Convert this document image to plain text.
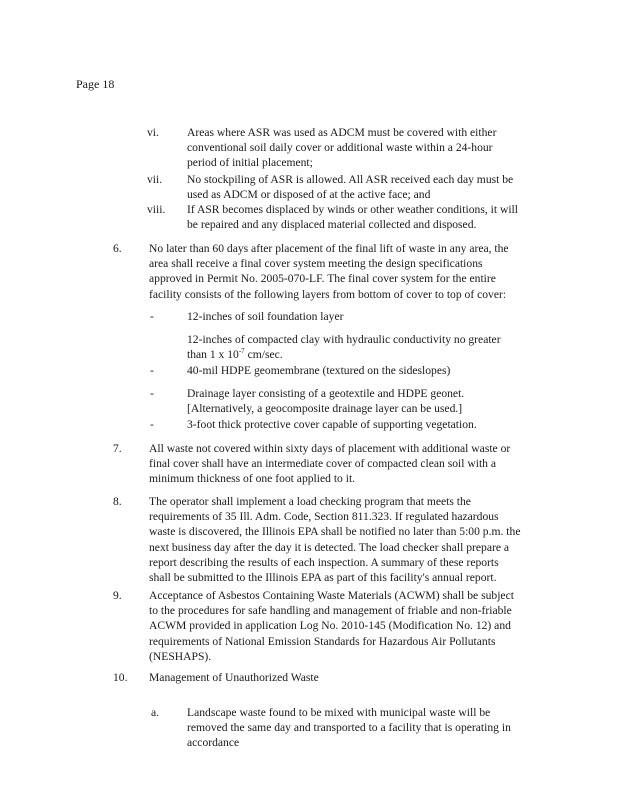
Page 18
vi.	Areas where ASR was used as ADCM must be covered with either conventional soil daily cover or additional waste within a 24-hour period of initial placement;

vii.	No stockpiling of ASR is allowed. All ASR received each day must be used as ADCM or disposed of at the active face; and

viii.	If ASR becomes displaced by winds or other weather conditions, it will be repaired and any displaced material collected and disposed.

6.	No later than 60 days after placement of the final lift of waste in any area, the area shall receive a final cover system meeting the design specifications approved in Permit No. 2005-070-LF. The final cover system for the entire facility consists of the following layers from bottom of cover to top of cover:

-	12-inches of soil foundation layer

12-inches of compacted clay with hydraulic conductivity no greater than 1 x $10^{-7}$ cm/sec.

-	40-mil HDPE geomembrane (textured on the sideslopes)

-	Drainage layer consisting of a geotextile and HDPE geonet. [Alternatively, a geocomposite drainage layer can be used.]

-	3-foot thick protective cover capable of supporting vegetation.

7.	All waste not covered within sixty days of placement with additional waste or final cover shall have an intermediate cover of compacted clean soil with a minimum thickness of one foot applied to it.

8.	The operator shall implement a load checking program that meets the requirements of 35 Ill. Adm. Code, Section 811.323. If regulated hazardous waste is discovered, the Illinois EPA shall be notified no later than 5:00 p.m. the next business day after the day it is detected. The load checker shall prepare a report describing the results of each inspection. A summary of these reports shall be submitted to the Illinois EPA as part of this facility's annual report.

9.	Acceptance of Asbestos Containing Waste Materials (ACWM) shall be subject to the procedures for safe handling and management of friable and non-friable ACWM provided in application Log No. 2010-145 (Modification No. 12) and requirements of National Emission Standards for Hazardous Air Pollutants (NESHAPS).

10.	Management of Unauthorized Waste

a.	Landscape waste found to be mixed with municipal waste will be removed the same day and transported to a facility that is operating in accordance
